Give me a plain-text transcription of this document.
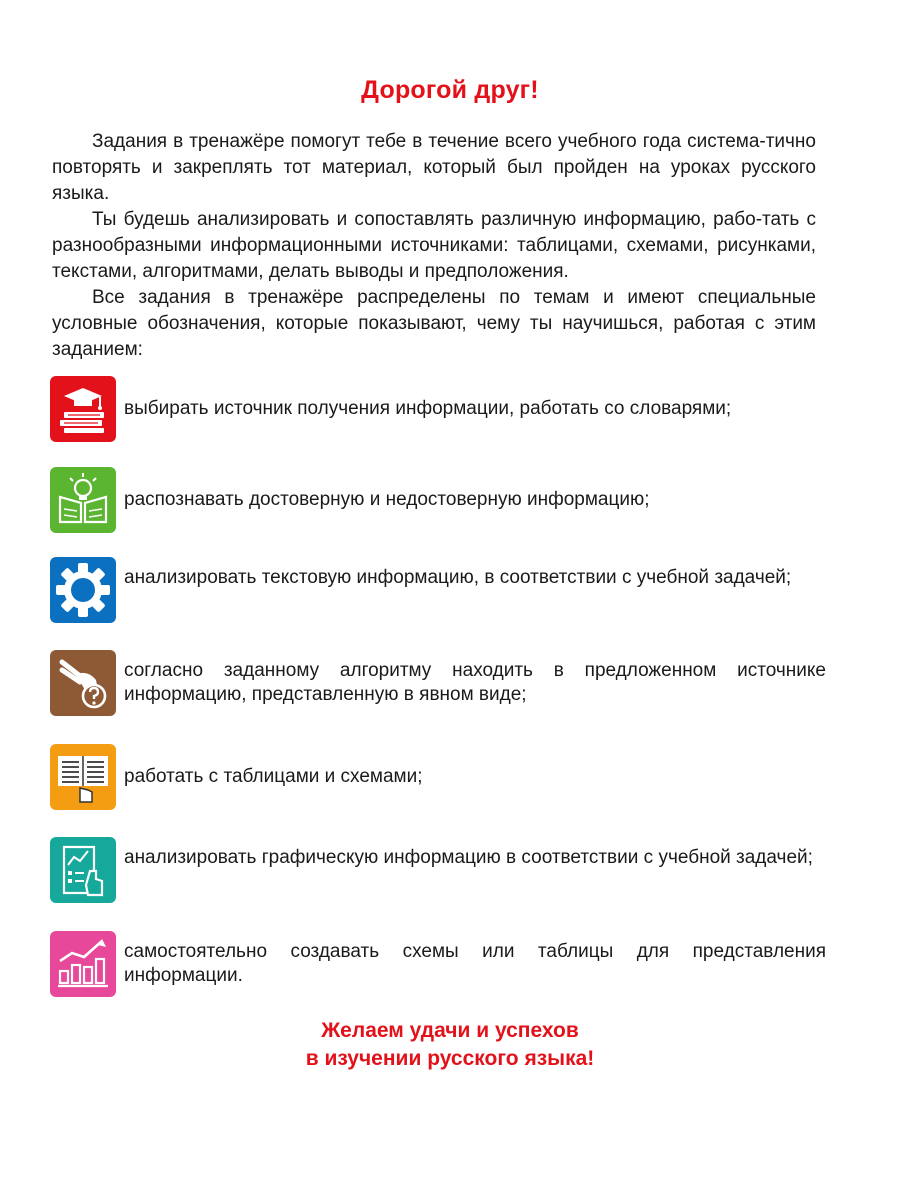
Дорогой друг!

Задания в тренажёре помогут тебе в течение всего учебного года система-тично повторять и закреплять тот материал, который был пройден на уроках русского языка.

Ты будешь анализировать и сопоставлять различную информацию, рабо-тать с разнообразными информационными источниками: таблицами, схемами, рисунками, текстами, алгоритмами, делать выводы и предположения.

Все задания в тренажёре распределены по темам и имеют специальные условные обозначения, которые показывают, чему ты научишься, работая с этим заданием:

выбирать источник получения информации, работать со словарями;
распознавать достоверную и недостоверную информацию;
анализировать текстовую информацию, в соответствии с учебной задачей;
согласно заданному алгоритму находить в предложенном источнике информацию, представленную в явном виде;
работать с таблицами и схемами;
анализировать графическую информацию в соответствии с учебной задачей;
самостоятельно создавать схемы или таблицы для представления информации.
Желаем удачи и успехов
в изучении русского языка!
